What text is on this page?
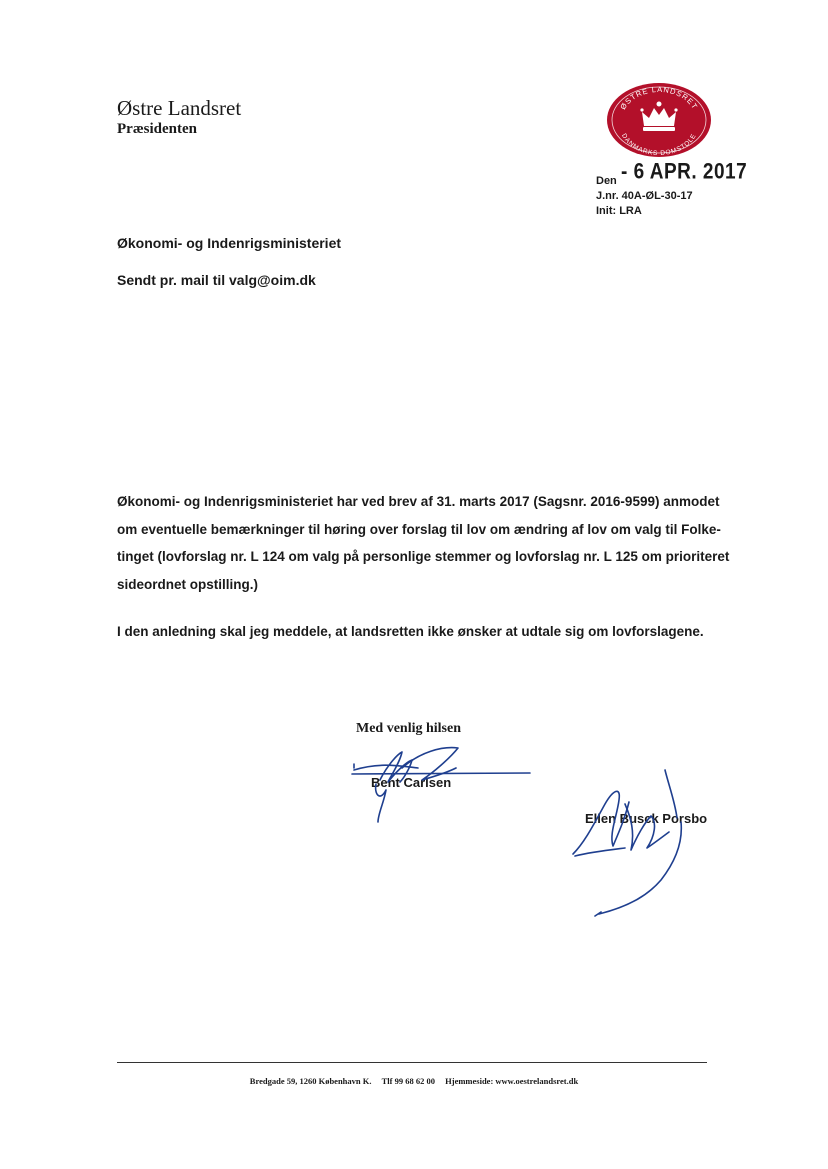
Østre Landsret
Præsidenten
ØSTRE LANDSRET
DANMARKS DOMSTOLE
Den - 6 APR. 2017
J.nr. 40A-ØL-30-17
Init: LRA
Økonomi- og Indenrigsministeriet
Sendt pr. mail til valg@oim.dk
Økonomi- og Indenrigsministeriet har ved brev af 31. marts 2017 (Sagsnr. 2016-9599) anmodet
om eventuelle bemærkninger til høring over forslag til lov om ændring af lov om valg til Folke-
tinget (lovforslag nr. L 124 om valg på personlige stemmer og lovforslag nr. L 125 om prioriteret
sideordnet opstilling.)
I den anledning skal jeg meddele, at landsretten ikke ønsker at udtale sig om lovforslagene.
Med venlig hilsen
Bent Carlsen
Ellen Busck Porsbo
Bredgade 59, 1260 København K. Tlf 99 68 62 00 Hjemmeside: www.oestrelandsret.dk
